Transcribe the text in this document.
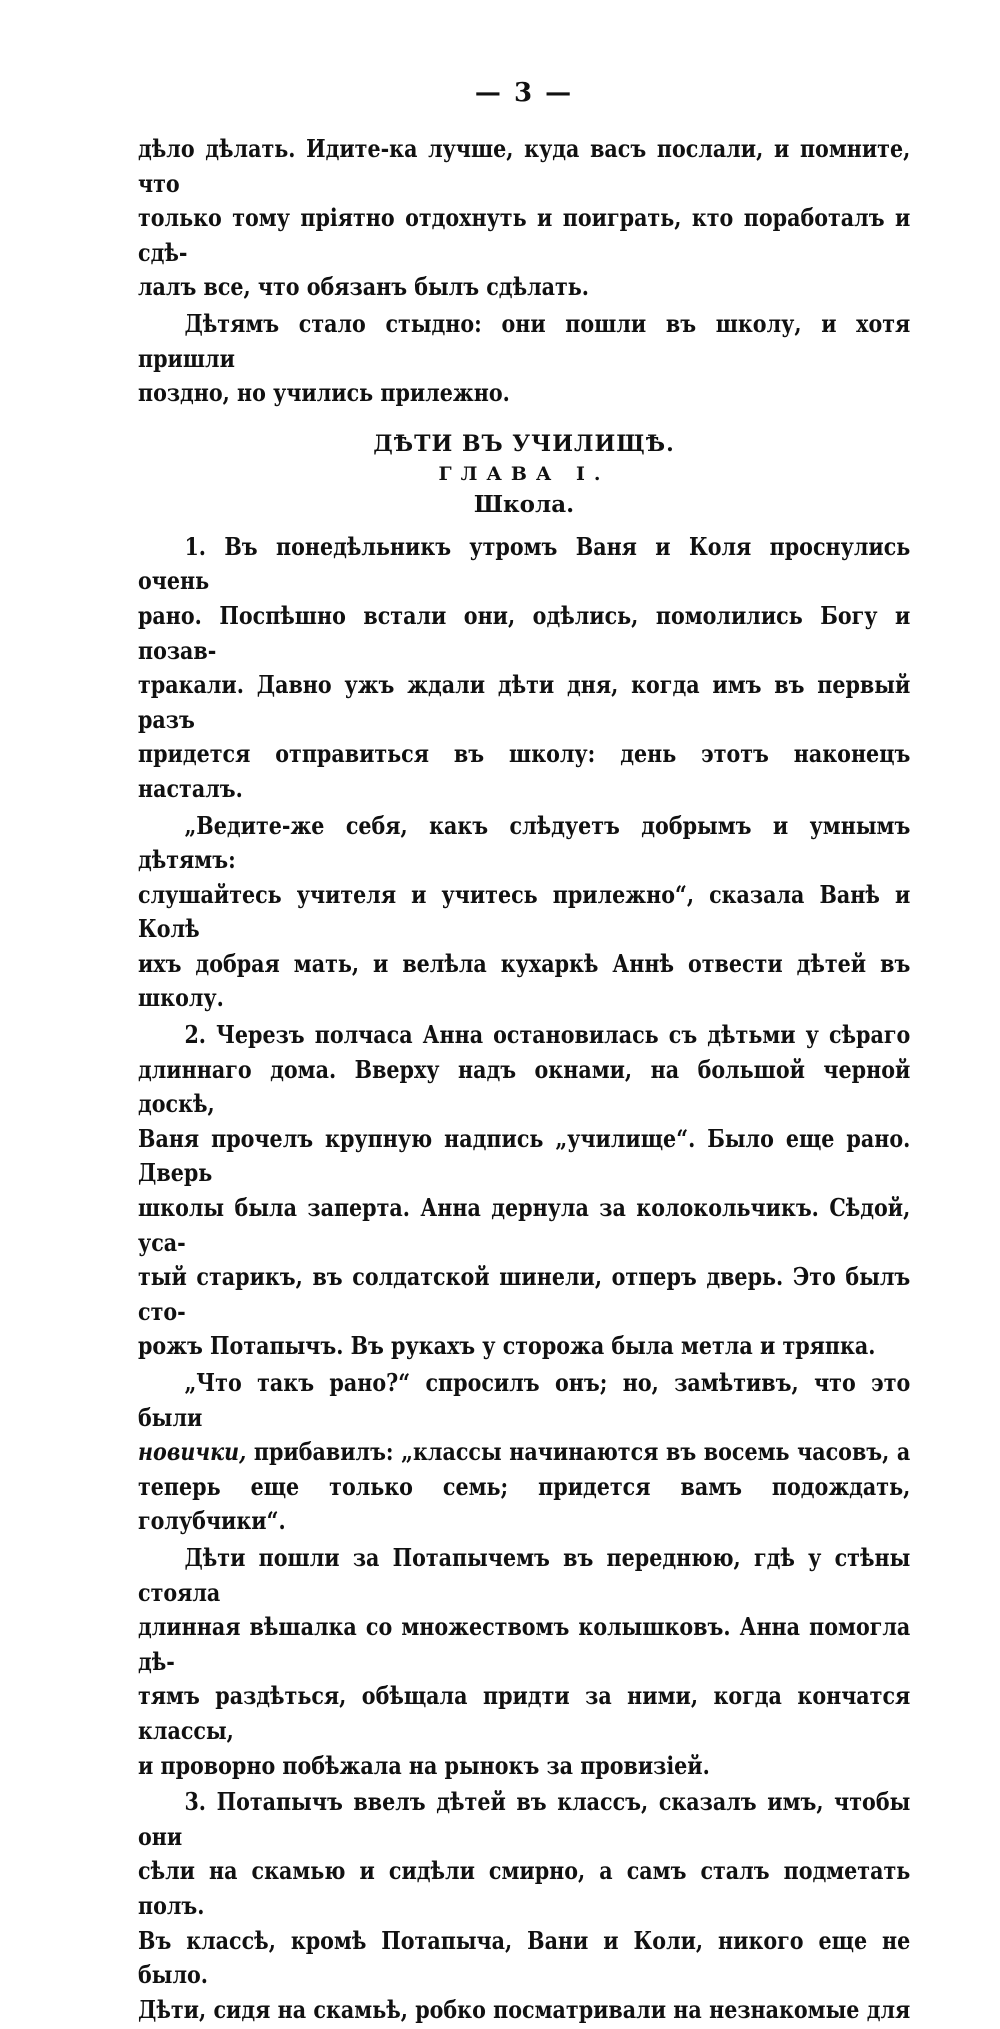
— 3 —

дѣло дѣлать. Идите-ка лучше, куда васъ послали, и помните, что

только тому пріятно отдохнуть и поиграть, кто поработалъ и сдѣ-

лалъ все, что обязанъ былъ сдѣлать.

Дѣтямъ стало стыдно: они пошли въ школу, и хотя пришли

поздно, но учились прилежно.

ДѢТИ ВЪ УЧИЛИЩѢ.
ГЛАВА I.
Школа.

1. Въ понедѣльникъ утромъ Ваня и Коля проснулись очень

рано. Поспѣшно встали они, одѣлись, помолились Богу и позав-

тракали. Давно ужъ ждали дѣти дня, когда имъ въ первый разъ

придется отправиться въ школу: день этотъ наконецъ насталъ.

„Ведите-же себя, какъ слѣдуетъ добрымъ и умнымъ дѣтямъ:

слушайтесь учителя и учитесь прилежно“, сказала Ванѣ и Колѣ

ихъ добрая мать, и велѣла кухаркѣ Аннѣ отвести дѣтей въ

школу.

2. Черезъ полчаса Анна остановилась съ дѣтьми у сѣраго

длиннаго дома. Вверху надъ окнами, на большой черной доскѣ,

Ваня прочелъ крупную надпись „училище“. Было еще рано. Дверь

школы была заперта. Анна дернула за колокольчикъ. Сѣдой, уса-

тый старикъ, въ солдатской шинели, отперъ дверь. Это былъ сто-

рожъ Потапычъ. Въ рукахъ у сторожа была метла и тряпка.

„Что такъ рано?“ спросилъ онъ; но, замѣтивъ, что это были

новички, прибавилъ: „классы начинаются въ восемь часовъ, а

теперь еще только семь; придется вамъ подождать, голубчики“.

Дѣти пошли за Потапычемъ въ переднюю, гдѣ у стѣны стояла

длинная вѣшалка со множествомъ колышковъ. Анна помогла дѣ-

тямъ раздѣться, обѣщала придти за ними, когда кончатся классы,

и проворно побѣжала на рынокъ за провизіей.

3. Потапычъ ввелъ дѣтей въ классъ, сказалъ имъ, чтобы они

сѣли на скамью и сидѣли смирно, а самъ сталъ подметать полъ.

Въ классѣ, кромѣ Потапыча, Вани и Коли, никого еще не было.

Дѣти, сидя на скамьѣ, робко посматривали на незнакомые для
